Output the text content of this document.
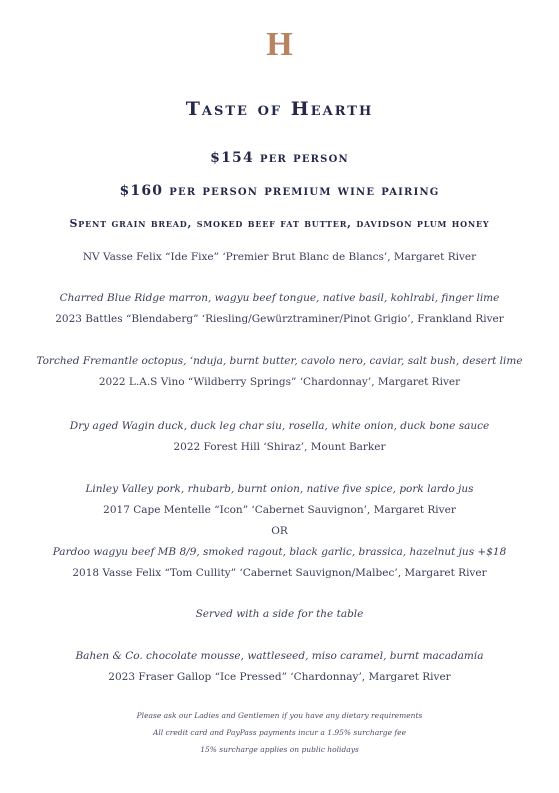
H
Taste of Hearth
$154 per person
$160 per person premium wine pairing
Spent grain bread, smoked beef fat butter, davidson plum honey
NV Vasse Felix “Ide Fixe” ‘Premier Brut Blanc de Blancs’, Margaret River
Charred Blue Ridge marron, wagyu beef tongue, native basil, kohlrabi, finger lime
2023 Battles “Blendaberg” ‘Riesling/Gewürztraminer/Pinot Grigio’, Frankland River
Torched Fremantle octopus, ‘nduja, burnt butter, cavolo nero, caviar, salt bush, desert lime
2022 L.A.S Vino “Wildberry Springs” ‘Chardonnay’, Margaret River
Dry aged Wagin duck, duck leg char siu, rosella, white onion, duck bone sauce
2022 Forest Hill ‘Shiraz’, Mount Barker
Linley Valley pork, rhubarb, burnt onion, native five spice, pork lardo jus
2017 Cape Mentelle “Icon” ‘Cabernet Sauvignon’, Margaret River
OR
Pardoo wagyu beef MB 8/9, smoked ragout, black garlic, brassica, hazelnut jus +$18
2018 Vasse Felix “Tom Cullity” ‘Cabernet Sauvignon/Malbec’, Margaret River
Served with a side for the table
Bahen & Co. chocolate mousse, wattleseed, miso caramel, burnt macadamia
2023 Fraser Gallop “Ice Pressed” ‘Chardonnay’, Margaret River
Please ask our Ladies and Gentlemen if you have any dietary requirements
All credit card and PayPass payments incur a 1.95% surcharge fee
15% surcharge applies on public holidays
